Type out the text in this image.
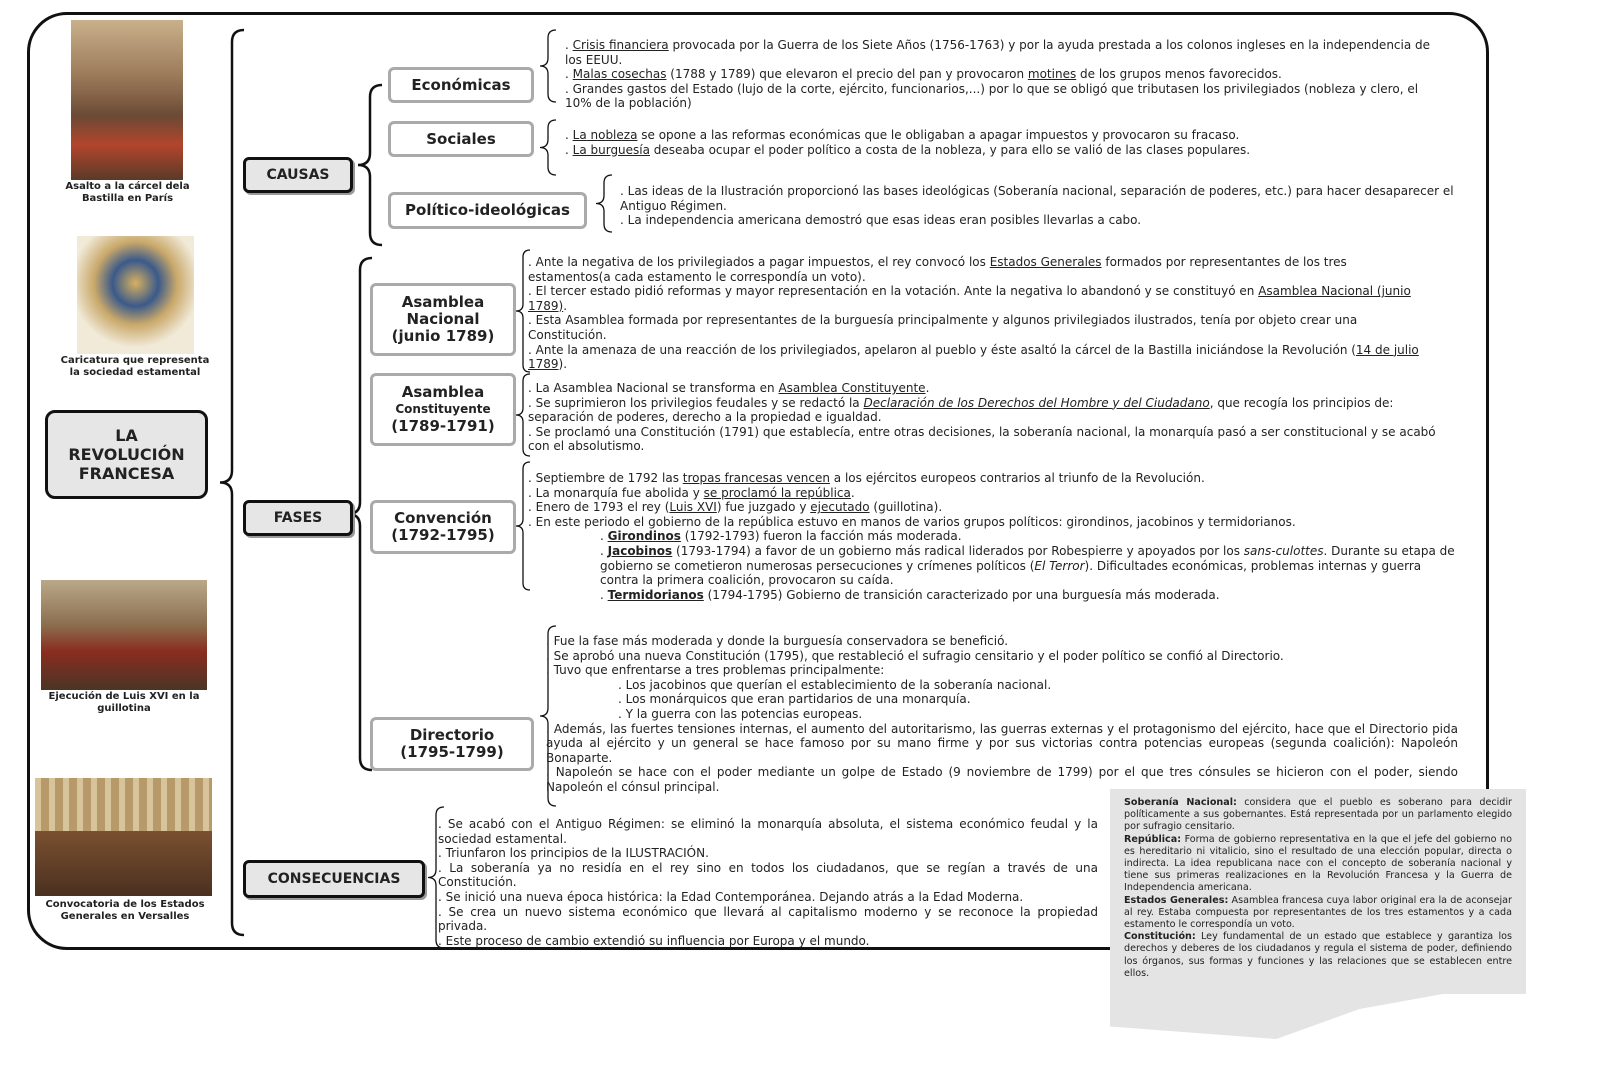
Asalto a la cárcel dela Bastilla en París
Caricatura que representa la sociedad estamental
Ejecución de Luis XVI en la guillotina
Convocatoria de los Estados Generales en Versalles
LA REVOLUCIÓN FRANCESA
CAUSAS
FASES
CONSECUENCIAS
Económicas
Sociales
Político-ideológicas
Asamblea
Nacional
(junio 1789)
Asamblea
Constituyente
(1789-1791)
Convención
(1792-1795)
Directorio
(1795-1799)
. Crisis financiera provocada por la Guerra de los Siete Años (1756-1763) y por la ayuda prestada a los colonos ingleses en la independencia de los EEUU.
. Malas cosechas (1788 y 1789) que elevaron el precio del pan y provocaron motines de los grupos menos favorecidos.
. Grandes gastos del Estado (lujo de la corte, ejército, funcionarios,...) por lo que se obligó que tributasen los privilegiados (nobleza y clero, el 10% de la población)
. La nobleza se opone a las reformas económicas que le obligaban a apagar impuestos y provocaron su fracaso.
. La burguesía deseaba ocupar el poder político a costa de la nobleza, y para ello se valió de las clases populares.
. Las ideas de la Ilustración proporcionó las bases ideológicas (Soberanía nacional, separación de poderes, etc.) para hacer desaparecer el Antiguo Régimen.
. La independencia americana demostró que esas ideas eran posibles llevarlas a cabo.
. Ante la negativa de los privilegiados a pagar impuestos, el rey convocó los Estados Generales formados por representantes de los tres estamentos(a cada estamento le correspondía un voto).
. El tercer estado pidió reformas y mayor representación en la votación. Ante la negativa lo abandonó y se constituyó en Asamblea Nacional (junio 1789).
. Esta Asamblea formada por representantes de la burguesía principalmente y algunos privilegiados ilustrados, tenía por objeto crear una Constitución.
. Ante la amenaza de una reacción de los privilegiados, apelaron al pueblo y éste asaltó la cárcel de la Bastilla iniciándose la Revolución (14 de julio 1789).
. La Asamblea Nacional se transforma en Asamblea Constituyente.
. Se suprimieron los privilegios feudales y se redactó la Declaración de los Derechos del Hombre y del Ciudadano, que recogía los principios de: separación de poderes, derecho a la propiedad e igualdad.
. Se proclamó una Constitución (1791) que establecía, entre otras decisiones, la soberanía nacional, la monarquía pasó a ser constitucional y se acabó con el absolutismo.
. Septiembre de 1792 las tropas francesas vencen a los ejércitos europeos contrarios al triunfo de la Revolución.
. La monarquía fue abolida y se proclamó la república.
. Enero de 1793 el rey (Luis XVI) fue juzgado y ejecutado (guillotina).
. En este periodo el gobierno de la república estuvo en manos de varios grupos políticos: girondinos, jacobinos y termidorianos.
. Girondinos (1792-1793) fueron la facción más moderada.
. Jacobinos (1793-1794) a favor de un gobierno más radical liderados por Robespierre y apoyados por los sans-culottes. Durante su etapa de gobierno se cometieron numerosas persecuciones y crímenes políticos (El Terror). Dificultades económicas, problemas internas y guerra contra la primera coalición, provocaron su caída.
. Termidorianos (1794-1795) Gobierno de transición caracterizado por una burguesía más moderada.
. Fue la fase más moderada y donde la burguesía conservadora se benefició.
. Se aprobó una nueva Constitución (1795), que restableció el sufragio censitario y el poder político se confió al Directorio.
. Tuvo que enfrentarse a tres problemas principalmente:
. Los jacobinos que querían el establecimiento de la soberanía nacional.
. Los monárquicos que eran partidarios de una monarquía.
. Y la guerra con las potencias europeas.
. Además, las fuertes tensiones internas, el aumento del autoritarismo, las guerras externas y el protagonismo del ejército, hace que el Directorio pida ayuda al ejército y un general se hace famoso por su mano firme y por sus victorias contra potencias europeas (segunda coalición): Napoleón Bonaparte.
. Napoleón se hace con el poder mediante un golpe de Estado (9 noviembre de 1799) por el que tres cónsules se hicieron con el poder, siendo Napoleón el cónsul principal.
. Se acabó con el Antiguo Régimen: se eliminó la monarquía absoluta, el sistema económico feudal y la sociedad estamental.
. Triunfaron los principios de la ILUSTRACIÓN.
. La soberanía ya no residía en el rey sino en todos los ciudadanos, que se regían a través de una Constitución.
. Se inició una nueva época histórica: la Edad Contemporánea. Dejando atrás a la Edad Moderna.
. Se crea un nuevo sistema económico que llevará al capitalismo moderno y se reconoce la propiedad privada.
. Este proceso de cambio extendió su influencia por Europa y el mundo.
Soberanía Nacional: considera que el pueblo es soberano para decidir políticamente a sus gobernantes. Está representada por un parlamento elegido por sufragio censitario.
República: Forma de gobierno representativa en la que el jefe del gobierno no es hereditario ni vitalicio, sino el resultado de una elección popular, directa o indirecta. La idea republicana nace con el concepto de soberanía nacional y tiene sus primeras realizaciones en la Revolución Francesa y la Guerra de Independencia americana.
Estados Generales: Asamblea francesa cuya labor original era la de aconsejar al rey. Estaba compuesta por representantes de los tres estamentos y a cada estamento le correspondía un voto.
Constitución: Ley fundamental de un estado que establece y garantiza los derechos y deberes de los ciudadanos y regula el sistema de poder, definiendo los órganos, sus formas y funciones y las relaciones que se establecen entre ellos.
